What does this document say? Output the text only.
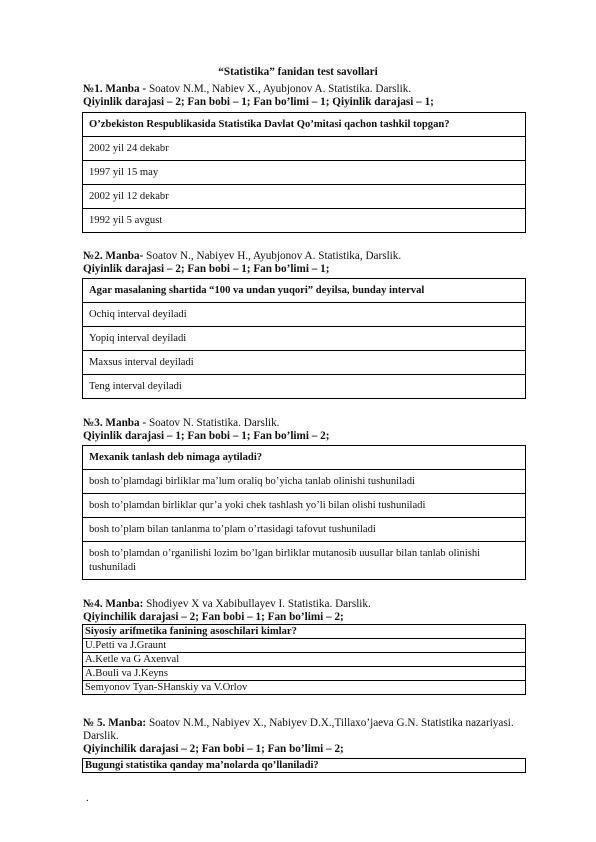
“Statistika” fanidan test savollari
№1. Manba - Soatov N.M., Nabiev X., Ayubjonov A. Statistika. Darslik.
Qiyinlik darajasi – 2; Fan bobi – 1; Fan bo’limi – 1; Qiyinlik darajasi – 1;
O’zbekiston Respublikasida Statistika Davlat Qo’mitasi qachon tashkil topgan?
2002 yil 24 dekabr
1997 yil 15 may
2002 yil 12 dekabr
1992 yil 5 avgust
№2. Manba- Soatov N., Nabiyev H., Ayubjonov A. Statistika, Darslik.
Qiyinlik darajasi – 2; Fan bobi – 1; Fan bo’limi – 1;
Agar masalaning shartida “100 va undan yuqori” deyilsa, bunday interval
Ochiq interval deyiladi
Yopiq interval deyiladi
Maxsus interval deyiladi
Teng interval deyiladi
№3. Manba - Soatov N. Statistika. Darslik.
Qiyinlik darajasi – 1; Fan bobi – 1; Fan bo’limi – 2;
Mexanik tanlash deb nimaga aytiladi?
bosh to’plamdagi birliklar ma’lum oraliq bo’yicha tanlab olinishi tushuniladi
bosh to’plamdan birliklar qur’a yoki chek tashlash yo’li bilan olishi tushuniladi
bosh to’plam bilan tanlanma to’plam o’rtasidagi tafovut tushuniladi
bosh to’plamdan o’rganilishi lozim bo’lgan birliklar mutanosib uusullar bilan tanlab olinishi tushuniladi
№4. Manba: Shodiyev X va Xabibullayev I. Statistika. Darslik.
Qiyinchilik darajasi – 2; Fan bobi – 1; Fan bo’limi – 2;
Siyosiy arifmetika fanining asoschilari kimlar?
U.Petti va J.Graunt
A.Ketle va G Axenval
A.Bouli va J.Keyns
Semyonov Tyan-SHanskiy va V.Orlov
№ 5. Manba: Soatov N.M., Nabiyev X., Nabiyev D.X.,Tillaxo’jaeva G.N. Statistika nazariyasi. Darslik.
Qiyinchilik darajasi – 2; Fan bobi – 1; Fan bo’limi – 2;
Bugungi statistika qanday ma’nolarda qo’llaniladi?
.
